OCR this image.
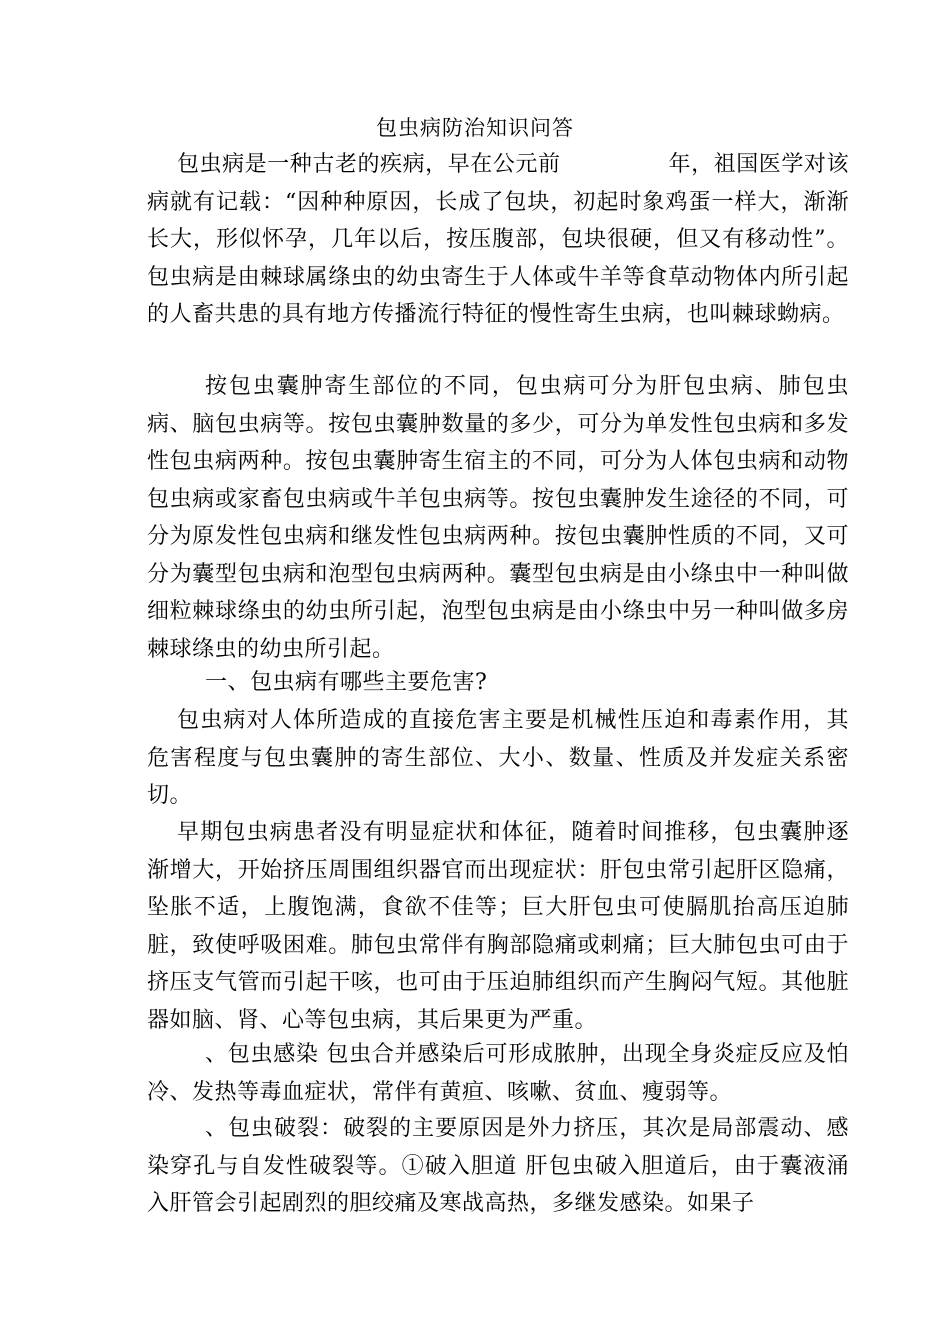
包虫病防治知识问答

包虫病是一种古老的疾病，早在公元前	年，祖国医学对该病就有记载：“因种种原因，长成了包块，初起时象鸡蛋一样大，渐渐长大，形似怀孕，几年以后，按压腹部，包块很硬，但又有移动性”。 包虫病是由棘球属绦虫的幼虫寄生于人体或牛羊等食草动物体内所引起的人畜共患的具有地方传播流行特征的慢性寄生虫病，也叫棘球蚴病。

按包虫囊肿寄生部位的不同，包虫病可分为肝包虫病、肺包虫病、脑包虫病等。按包虫囊肿数量的多少，可分为单发性包虫病和多发性包虫病两种。按包虫囊肿寄生宿主的不同，可分为人体包虫病和动物包虫病或家畜包虫病或牛羊包虫病等。按包虫囊肿发生途径的不同，可分为原发性包虫病和继发性包虫病两种。按包虫囊肿性质的不同，又可分为囊型包虫病和泡型包虫病两种。囊型包虫病是由小绦虫中一种叫做细粒棘球绦虫的幼虫所引起，泡型包虫病是由小绦虫中另一种叫做多房棘球绦虫的幼虫所引起。

一、包虫病有哪些主要危害?

包虫病对人体所造成的直接危害主要是机械性压迫和毒素作用，其危害程度与包虫囊肿的寄生部位、大小、数量、性质及并发症关系密切。

早期包虫病患者没有明显症状和体征，随着时间推移，包虫囊肿逐渐增大，开始挤压周围组织器官而出现症状：肝包虫常引起肝区隐痛，坠胀不适，上腹饱满，食欲不佳等；巨大肝包虫可使膈肌抬高压迫肺脏，致使呼吸困难。肺包虫常伴有胸部隐痛或刺痛；巨大肺包虫可由于挤压支气管而引起干咳，也可由于压迫肺组织而产生胸闷气短。其他脏器如脑、肾、心等包虫病，其后果更为严重。

、包虫感染 包虫合并感染后可形成脓肿，出现全身炎症反应及怕冷、发热等毒血症状，常伴有黄疸、咳嗽、贫血、瘦弱等。

、包虫破裂：破裂的主要原因是外力挤压，其次是局部震动、感染穿孔与自发性破裂等。①破入胆道 肝包虫破入胆道后，由于囊液涌入肝管会引起剧烈的胆绞痛及寒战高热，多继发感染。如果子
